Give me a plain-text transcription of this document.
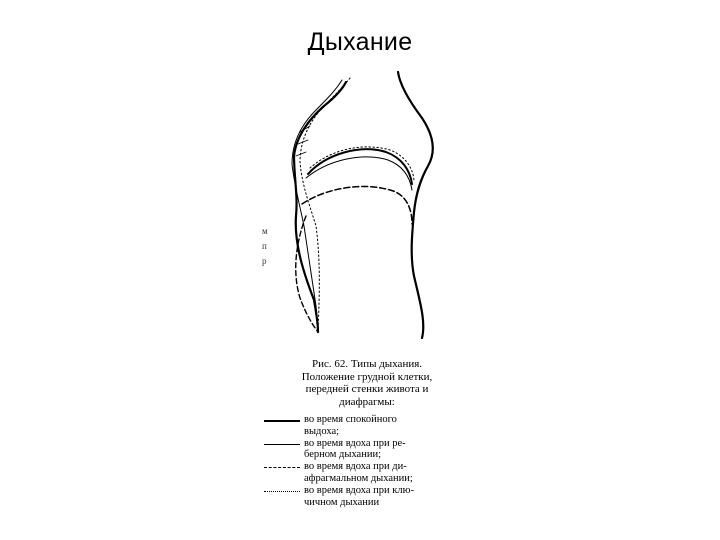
Дыхание
м
п
р
Рис. 62. Типы дыхания.
Положение грудной клетки,
передней стенки живота и
диафрагмы:
во время спокойного
выдоха;
во время вдоха при ре-
берном дыхании;
во время вдоха при ди-
афрагмальном дыхании;
во время вдоха при клю-
чичном дыхании
